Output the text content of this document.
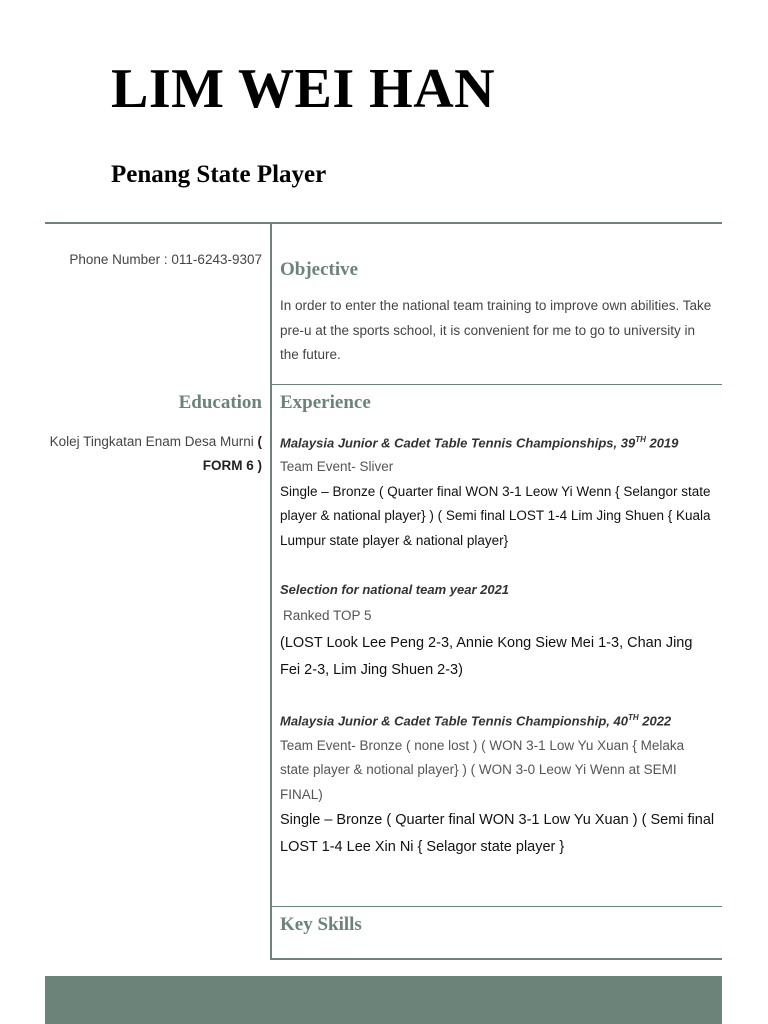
LIM WEI HAN
Penang State Player
Phone Number : 011-6243-9307
Education
Kolej Tingkatan Enam Desa Murni ( FORM 6 )
Objective
In order to enter the national team training to improve own abilities. Take pre-u at the sports school, it is convenient for me to go to university in the future.
Experience

Malaysia Junior & Cadet Table Tennis Championships, 39TH 2019

Team Event- Sliver

Single – Bronze ( Quarter final WON 3-1 Leow Yi Wenn { Selangor state player & national player} ) ( Semi final LOST 1-4 Lim Jing Shuen { Kuala Lumpur state player & national player}

Selection for national team year 2021

Ranked TOP 5

(LOST Look Lee Peng 2-3, Annie Kong Siew Mei 1-3, Chan Jing Fei 2-3, Lim Jing Shuen 2-3)

Malaysia Junior & Cadet Table Tennis Championship, 40TH 2022

Team Event- Bronze ( none lost ) ( WON 3-1 Low Yu Xuan { Melaka state player & notional player} ) ( WON 3-0 Leow Yi Wenn at SEMI FINAL)

Single – Bronze ( Quarter final WON 3-1 Low Yu Xuan ) ( Semi final LOST 1-4 Lee Xin Ni { Selagor state player }

Key Skills
